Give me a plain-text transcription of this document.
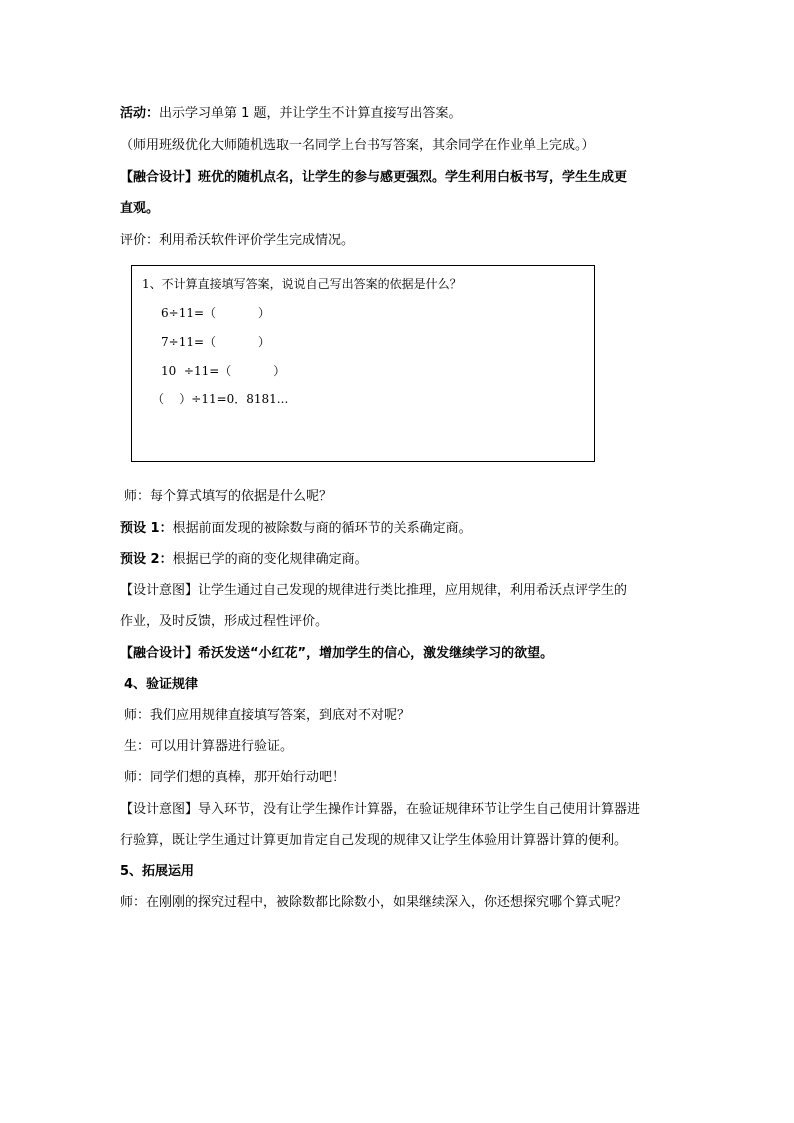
活动：出示学习单第 1 题，并让学生不计算直接写出答案。
（师用班级优化大师随机选取一名同学上台书写答案，其余同学在作业单上完成。）
【融合设计】班优的随机点名，让学生的参与感更强烈。学生利用白板书写，学生生成更
直观。
评价：利用希沃软件评价学生完成情况。
1、不计算直接填写答案，说说自己写出答案的依据是什么？
6÷11=（           ）
7÷11=（           ）
10  ÷11=（           ）
（    ）÷11=0．8181...
师：每个算式填写的依据是什么呢？
预设 1：根据前面发现的被除数与商的循环节的关系确定商。
预设 2：根据已学的商的变化规律确定商。
【设计意图】让学生通过自己发现的规律进行类比推理，应用规律，利用希沃点评学生的
作业，及时反馈，形成过程性评价。
【融合设计】希沃发送“小红花”，增加学生的信心，激发继续学习的欲望。
4、验证规律
师：我们应用规律直接填写答案，到底对不对呢？
生：可以用计算器进行验证。
师：同学们想的真棒，那开始行动吧！
【设计意图】导入环节，没有让学生操作计算器，在验证规律环节让学生自己使用计算器进
行验算，既让学生通过计算更加肯定自己发现的规律又让学生体验用计算器计算的便利。
5、拓展运用
师：在刚刚的探究过程中，被除数都比除数小，如果继续深入，你还想探究哪个算式呢？
